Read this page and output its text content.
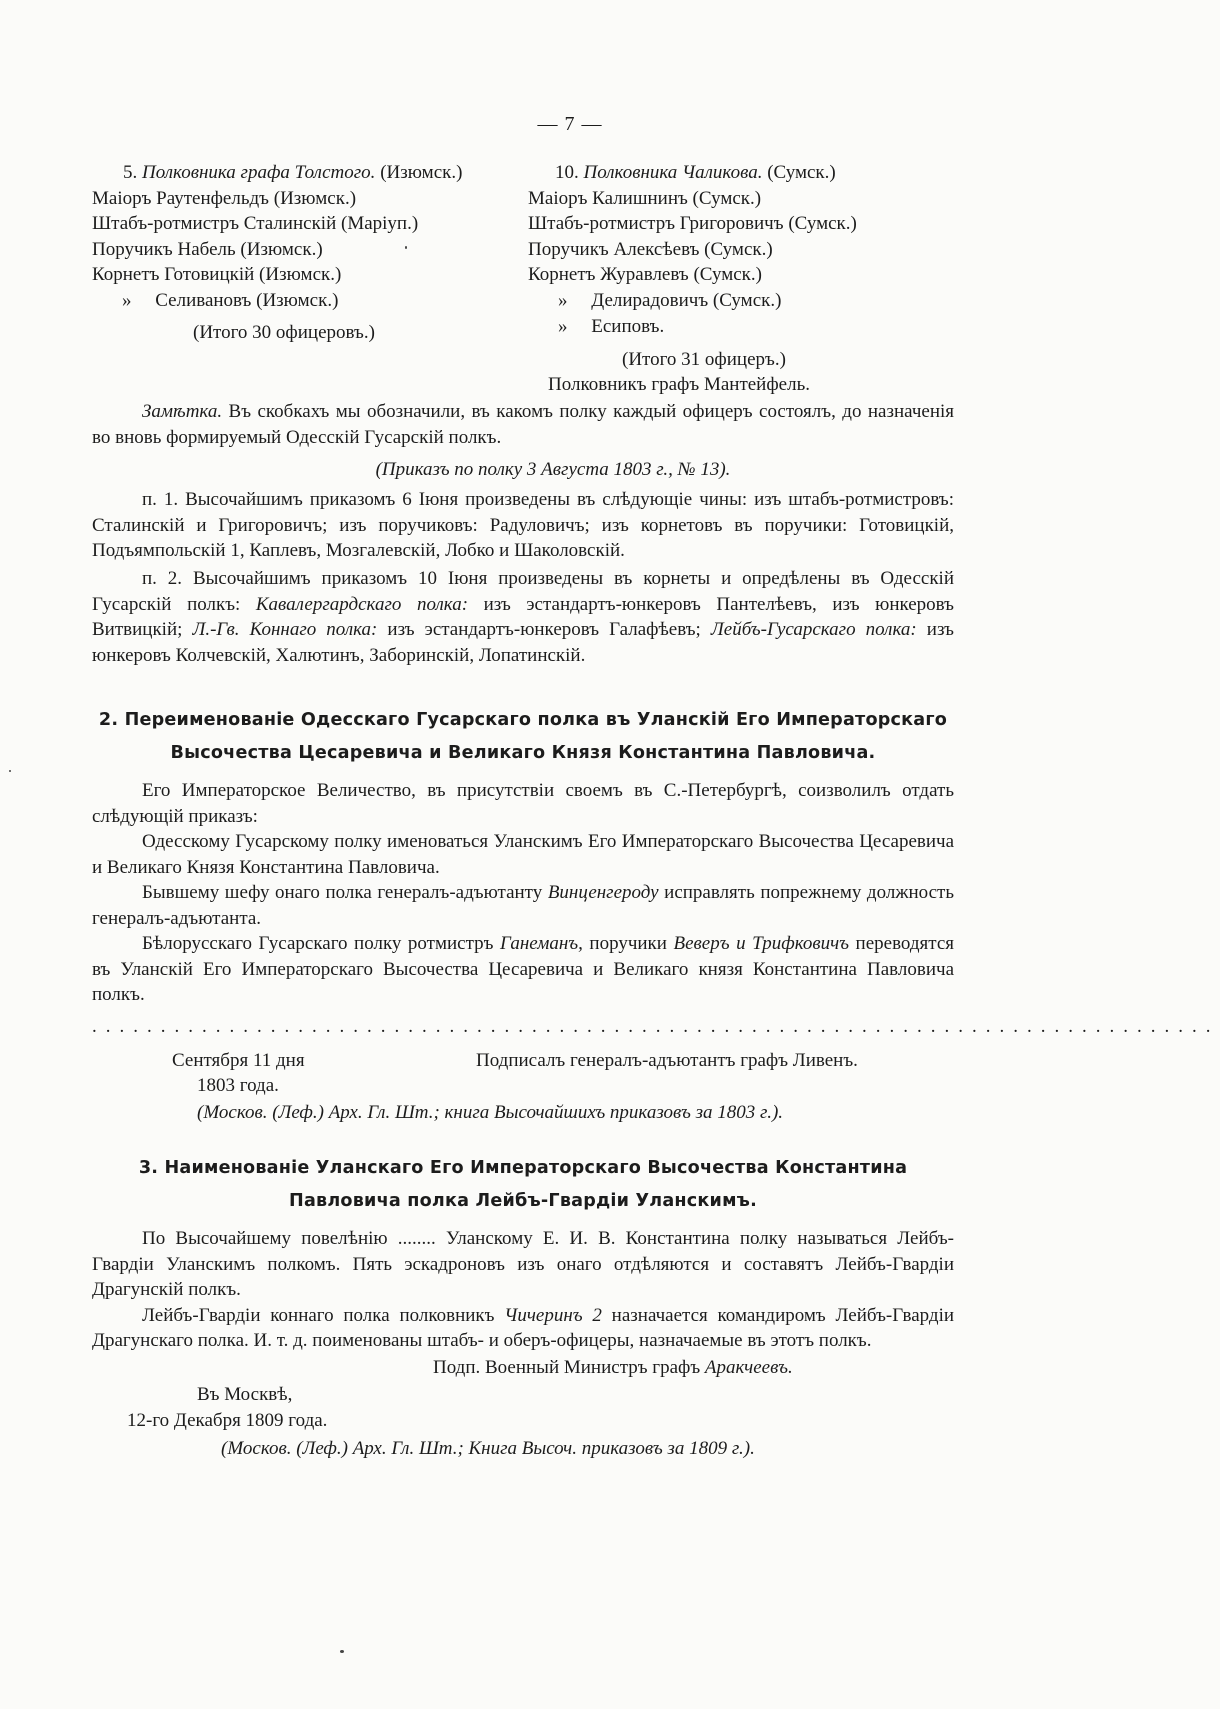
— 7 —
5. Полковника графа Толстого. (Изюмск.)
Маіоръ Раутенфельдъ (Изюмск.)
Штабъ-ротмистръ Сталинскій (Маріуп.)
Поручикъ Набель (Изюмск.)
Корнетъ Готовицкій (Изюмск.)
»     Селивановъ (Изюмск.)
(Итого 30 офицеровъ.)
10. Полковника Чаликова. (Сумск.)
Маіоръ Калишнинъ (Сумск.)
Штабъ-ротмистръ Григоровичъ (Сумск.)
Поручикъ Алексѣевъ (Сумск.)
Корнетъ Журавлевъ (Сумск.)
»     Делирадовичъ (Сумск.)
»     Есиповъ.
(Итого 31 офицеръ.)
Полковникъ графъ Мантейфель.

Замѣтка. Въ скобкахъ мы обозначили, въ какомъ полку каждый офицеръ состоялъ, до назначенія во вновь формируемый Одесскій Гусарскій полкъ.

(Приказъ по полку 3 Августа 1803 г., № 13).

п. 1. Высочайшимъ приказомъ 6 Іюня произведены въ слѣдующіе чины: изъ штабъ-ротмистровъ: Сталинскій и Григоровичъ; изъ поручиковъ: Радуловичъ; изъ корнетовъ въ поручики: Готовицкій, Подъямпольскій 1, Каплевъ, Мозгалевскій, Лобко и Шаколовскій.

п. 2. Высочайшимъ приказомъ 10 Іюня произведены въ корнеты и опредѣлены въ Одесскій Гусарскій полкъ: Кавалергардскаго полка: изъ эстандартъ-юнкеровъ Пантелѣевъ, изъ юнкеровъ Витвицкій; Л.-Гв. Коннаго полка: изъ эстандартъ-юнкеровъ Галафѣевъ; Лейбъ-Гусарскаго полка: изъ юнкеровъ Колчевскій, Халютинъ, Заборинскій, Лопатинскій.

2. Переименованіе Одесскаго Гусарскаго полка въ Уланскій Его Императорскаго Высочества Цесаревича и Великаго Князя Константина Павловича.

Его Императорское Величество, въ присутствіи своемъ въ С.-Петербургѣ, соизволилъ отдать слѣдующій приказъ:

Одесскому Гусарскому полку именоваться Уланскимъ Его Императорскаго Высочества Цесаревича и Великаго Князя Константина Павловича.

Бывшему шефу онаго полка генералъ-адъютанту Винценгероду исправлять попрежнему должность генералъ-адъютанта.

Бѣлорусскаго Гусарскаго полку ротмистръ Ганеманъ, поручики Веверъ и Трифковичъ переводятся въ Уланскій Его Императорскаго Высочества Цесаревича и Великаго князя Константина Павловича полкъ.

..................................................................................
Сентября 11 дня
1803 года.
Подписалъ генералъ-адъютантъ графъ Ливенъ.
(Москов. (Леф.) Арх. Гл. Шт.; книга Высочайшихъ приказовъ за 1803 г.).
3. Наименованіе Уланскаго Его Императорскаго Высочества Константина Павловича полка Лейбъ-Гвардіи Уланскимъ.

По Высочайшему повелѣнію ........ Уланскому Е. И. В. Константина полку называться Лейбъ-Гвардіи Уланскимъ полкомъ. Пять эскадроновъ изъ онаго отдѣляются и составятъ Лейбъ-Гвардіи Драгунскій полкъ.

Лейбъ-Гвардіи коннаго полка полковникъ Чичеринъ 2 назначается командиромъ Лейбъ-Гвардіи Драгунскаго полка. И. т. д. поименованы штабъ- и оберъ-офицеры, назначаемые въ этотъ полкъ.

Подп. Военный Министръ графъ Аракчеевъ.
Въ Москвѣ,
12-го Декабря 1809 года.
(Москов. (Леф.) Арх. Гл. Шт.; Книга Высоч. приказовъ за 1809 г.).
